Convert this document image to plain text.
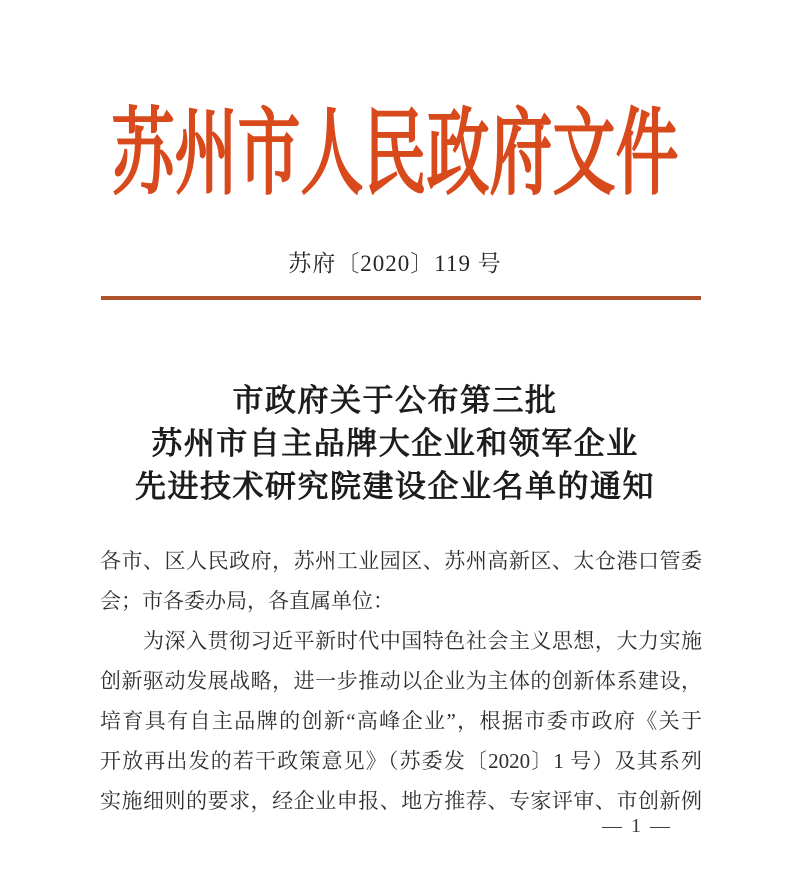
苏州市人民政府文件
苏府〔2020〕119 号
市政府关于公布第三批
苏州市自主品牌大企业和领军企业
先进技术研究院建设企业名单的通知
各市、区人民政府，苏州工业园区、苏州高新区、太仓港口管委
会；市各委办局，各直属单位：
　　为深入贯彻习近平新时代中国特色社会主义思想，大力实施
创新驱动发展战略，进一步推动以企业为主体的创新体系建设，
培育具有自主品牌的创新“高峰企业”，根据市委市政府《关于
开放再出发的若干政策意见》（苏委发〔2020〕1 号）及其系列
实施细则的要求，经企业申报、地方推荐、专家评审、市创新例
— 1 —
